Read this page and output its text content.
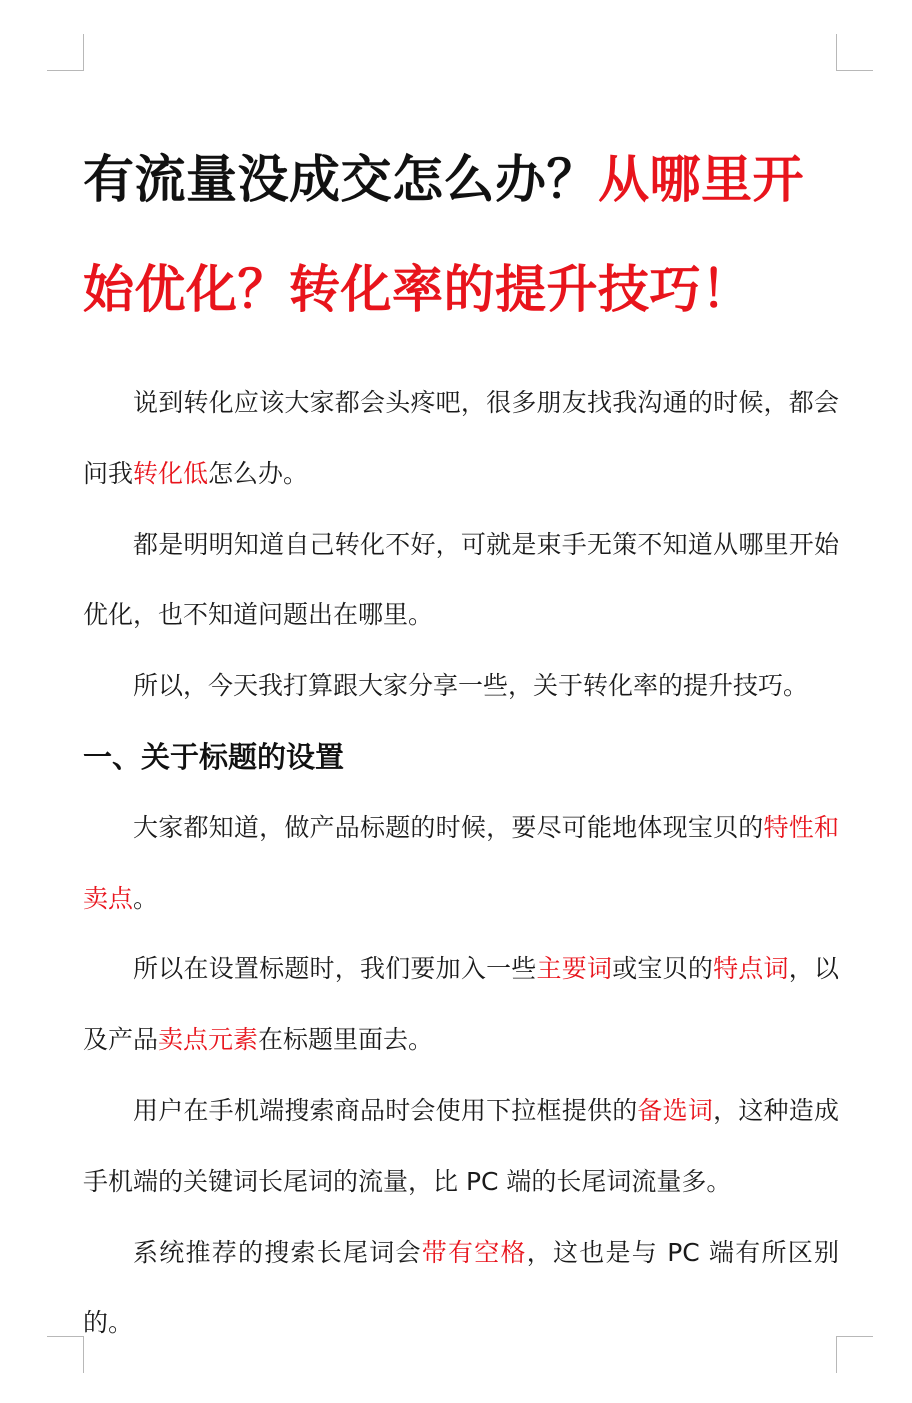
有流量没成交怎么办？从哪里开始优化？转化率的提升技巧！

说到转化应该大家都会头疼吧，很多朋友找我沟通的时候，都会问我转化低怎么办。

都是明明知道自己转化不好，可就是束手无策不知道从哪里开始优化，也不知道问题出在哪里。

所以，今天我打算跟大家分享一些，关于转化率的提升技巧。

一、关于标题的设置

大家都知道，做产品标题的时候，要尽可能地体现宝贝的特性和卖点。

所以在设置标题时，我们要加入一些主要词或宝贝的特点词，以及产品卖点元素在标题里面去。

用户在手机端搜索商品时会使用下拉框提供的备选词，这种造成手机端的关键词长尾词的流量，比 PC 端的长尾词流量多。

系统推荐的搜索长尾词会带有空格，这也是与 PC 端有所区别的。
